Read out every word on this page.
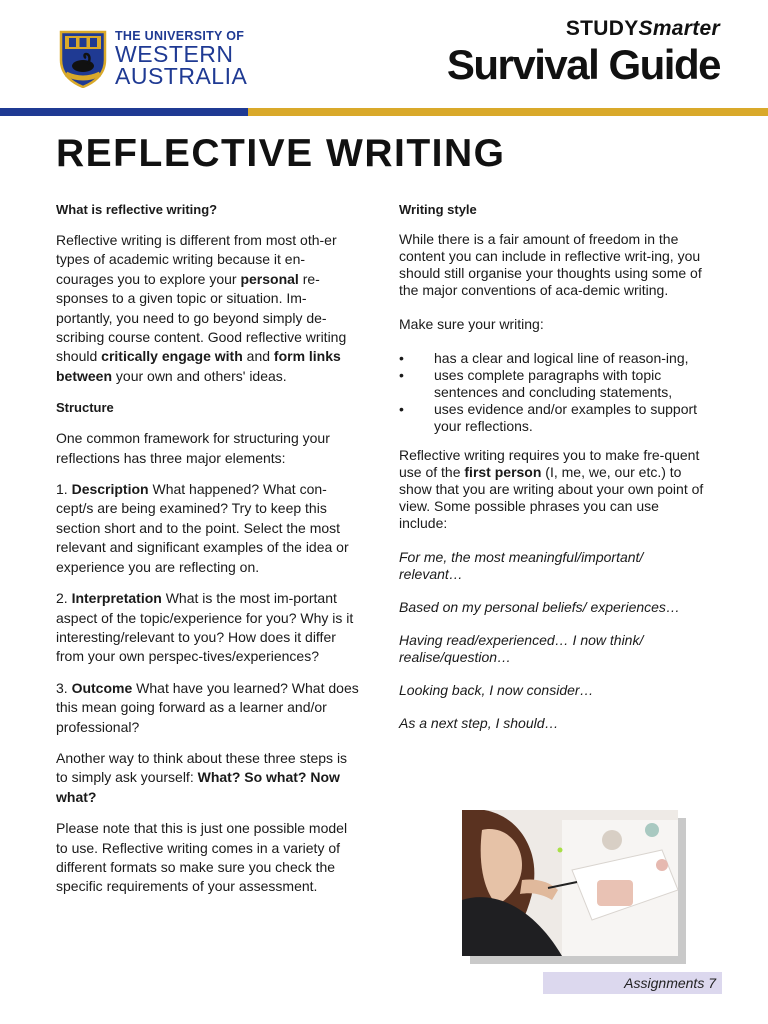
THE UNIVERSITY OF
WESTERN
AUSTRALIA
STUDYSmarter
Survival Guide
REFLECTIVE WRITING
What is reflective writing?

Reflective writing is different from most oth-er types of academic writing because it en-courages you to explore your personal re-sponses to a given topic or situation. Im-portantly, you need to go beyond simply de-scribing course content. Good reflective writing should critically engage with and form links between your own and others' ideas.

Structure

One common framework for structuring your reflections has three major elements:

1. Description What happened? What con-cept/s are being examined? Try to keep this section short and to the point. Select the most relevant and significant examples of the idea or experience you are reflecting on.

2. Interpretation What is the most im-portant aspect of the topic/experience for you? Why is it interesting/relevant to you? How does it differ from your own perspec-tives/experiences?

3. Outcome What have you learned? What does this mean going forward as a learner and/or professional?

Another way to think about these three steps is to simply ask yourself: What? So what? Now what?

Please note that this is just one possible model to use. Reflective writing comes in a variety of different formats so make sure you check the specific requirements of your assessment.

Writing style

While there is a fair amount of freedom in the content you can include in reflective writ-ing, you should still organise your thoughts using some of the major conventions of aca-demic writing.

Make sure your writing:

• has a clear and logical line of reason-ing,
• uses complete paragraphs with topic sentences and concluding statements,
• uses evidence and/or examples to support your reflections.

Reflective writing requires you to make fre-quent use of the first person (I, me, we, our etc.) to show that you are writing about your own point of view. Some possible phrases you can use include:

For me, the most meaningful/important/ relevant…

Based on my personal beliefs/ experiences…

Having read/experienced… I now think/ realise/question…

Looking back, I now consider…

As a next step, I should…

Assignments 7
